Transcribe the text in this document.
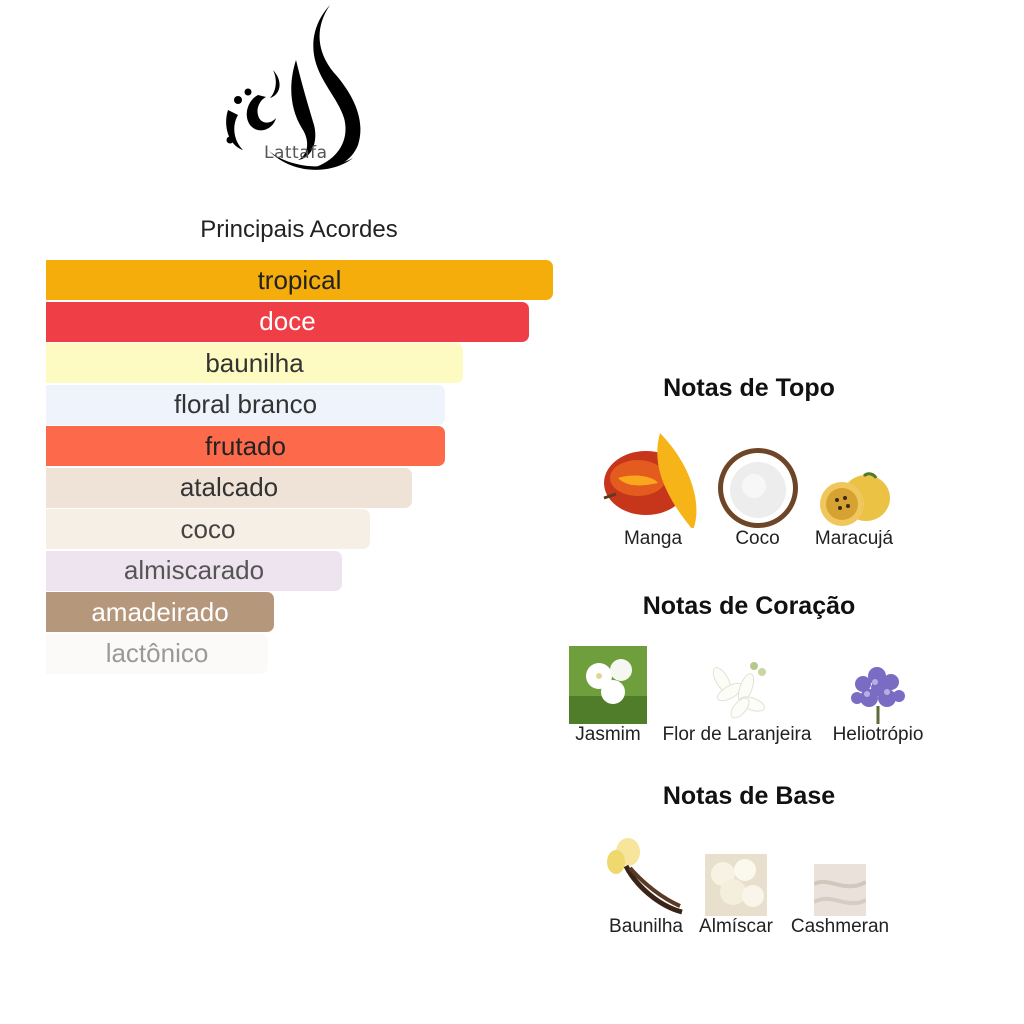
Lattafa
Principais Acordes
tropical
doce
baunilha
floral branco
frutado
atalcado
coco
almiscarado
amadeirado
lactônico
Notas de Topo
Manga	Coco	Maracujá
Notas de Coração
Jasmim	Flor de Laranjeira	Heliotrópio
Notas de Base
Baunilha Almíscar Cashmeran
